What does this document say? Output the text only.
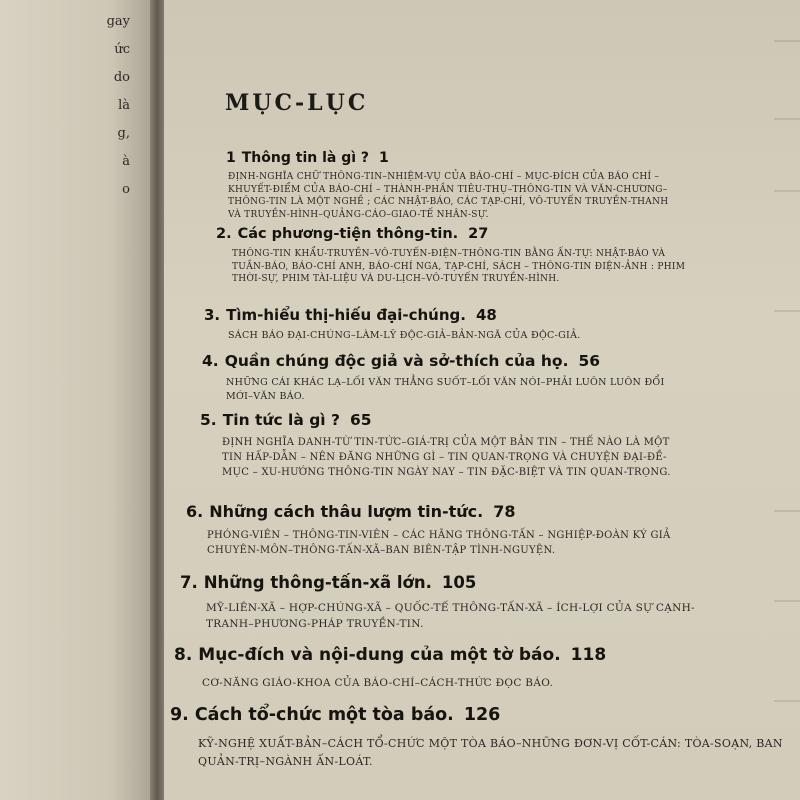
gay
ức
do
là
g,
à
o
MỤC-LỤC
1 Thông tin là gì ? 1
ĐỊNH-NGHĨA CHỮ THÔNG-TIN–NHIỆM-VỤ CỦA BÁO-CHÍ – MỤC-ĐÍCH CỦA BÁO CHÍ – KHUYẾT-ĐIỂM CỦA BÁO-CHÍ – THÀNH-PHẦN TIÊU-THỤ–THÔNG-TIN VÀ VĂN-CHƯƠNG–THÔNG-TIN LÀ MỘT NGHỀ ; CÁC NHẬT-BÁO, CÁC TẠP-CHÍ, VÔ-TUYẾN TRUYỀN-THANH VÀ TRUYỀN-HÌNH–QUẢNG-CÁO–GIAO-TẾ NHÂN-SỰ.
2. Các phương-tiện thông-tin. 27
THÔNG-TIN KHẨU-TRUYỀN–VÔ-TUYẾN-ĐIỆN–THÔNG-TIN BẰNG ẤN-TỰ: NHẬT-BÁO VÀ TUẦN-BÁO, BÁO-CHÍ ANH, BÁO-CHÍ NGA, TẠP-CHÍ, SÁCH – THÔNG-TIN ĐIỆN-ẢNH : PHIM THỜI-SỰ, PHIM TÀI-LIỆU VÀ DU-LỊCH–VÔ-TUYẾN TRUYỀN-HÌNH.
3. Tìm-hiểu thị-hiếu đại-chúng. 48
SÁCH BÁO ĐẠI-CHÚNG–LÀM-LỸ ĐỘC-GIẢ–BẢN-NGÃ CỦA ĐỘC-GIẢ.
4. Quần chúng độc giả và sở-thích của họ. 56
NHỮNG CÁI KHÁC LẠ–LỐI VĂN THẲNG SUỐT–LỐI VĂN NÓI–PHẢI LUÔN LUÔN ĐỔI MỚI–VĂN BÁO.
5. Tin tức là gì ? 65
ĐỊNH NGHĨA DANH-TỪ TIN-TỨC–GIÁ-TRỊ CỦA MỘT BẢN TIN – THẾ NÀO LÀ MỘT TIN HẤP-DẪN – NÊN ĐĂNG NHỮNG GÌ – TIN QUAN-TRỌNG VÀ CHUYỆN ĐẠI-ĐỀ-MỤC – XU-HƯỚNG THÔNG-TIN NGÀY NAY – TIN ĐẶC-BIỆT VÀ TIN QUAN-TRỌNG.
6. Những cách thâu lượm tin-tức. 78
PHÓNG-VIÊN – THÔNG-TIN-VIÊN – CÁC HÃNG THÔNG-TẤN – NGHIỆP-ĐOÀN KÝ GIẢ CHUYÊN-MÔN–THÔNG-TẤN-XÃ–BAN BIÊN-TẬP TÌNH-NGUYỆN.
7. Những thông-tấn-xã lớn. 105
MỸ-LIÊN-XÃ – HỢP-CHÚNG-XÃ – QUỐC-TẾ THÔNG-TẤN-XÃ – ÍCH-LỢI CỦA SỰ CẠNH-TRANH–PHƯƠNG-PHÁP TRUYỀN-TIN.
8. Mục-đích và nội-dung của một tờ báo. 118
CƠ-NĂNG GIÁO-KHOA CỦA BÁO-CHÍ–CÁCH-THỨC ĐỌC BÁO.
9. Cách tổ-chức một tòa báo. 126
KỸ-NGHỆ XUẤT-BẢN–CÁCH TỔ-CHỨC MỘT TÒA BÁO–NHỮNG ĐƠN-VỊ CỐT-CÁN: TÒA-SOẠN, BAN QUẢN-TRỊ–NGÀNH ẤN-LOÁT.
